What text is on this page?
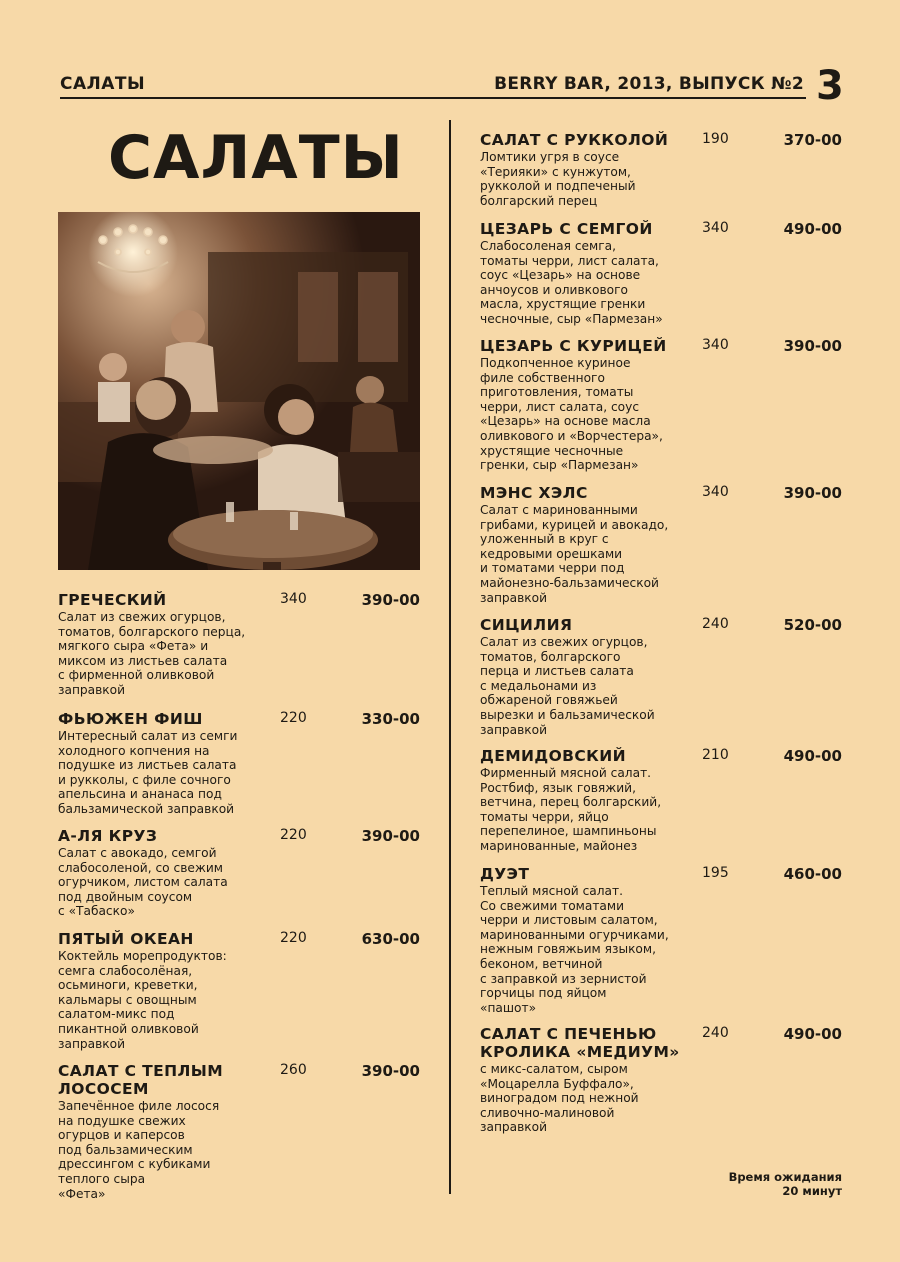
САЛАТЫ	BERRY BAR, 2013, ВЫПУСК №2 3
САЛАТЫ
ГРЕЧЕСКИЙ	340	390-00
Салат из свежих огурцов,
томатов, болгарского перца,
мягкого сыра «Фета» и
миксом из листьев салата
с фирменной оливковой
заправкой
ФЬЮЖЕН ФИШ	220	330-00
Интересный салат из семги
холодного копчения на
подушке из листьев салата
и рукколы, с филе сочного
апельсина и ананаса под
бальзамической заправкой
А-ЛЯ КРУЗ	220	390-00
Салат с авокадо, семгой
слабосоленой, со свежим
огурчиком, листом салата
под двойным соусом
с «Табаско»
ПЯТЫЙ ОКЕАН	220	630-00
Коктейль морепродуктов:
семга слабосолёная,
осьминоги, креветки,
кальмары с овощным
салатом-микс под
пикантной оливковой
заправкой
САЛАТ С ТЕПЛЫМ ЛОСОСЕМ
260	390-00
Запечённое филе лосося
на подушке свежих
огурцов и каперсов
под бальзамическим
дрессингом с кубиками
теплого сыра
«Фета»
САЛАТ С РУККОЛОЙ	190	370-00
Ломтики угря в соусе
«Терияки» с кунжутом,
рукколой и подпеченый
болгарский перец
ЦЕЗАРЬ С СЕМГОЙ	340	490-00
Слабосоленая семга,
томаты черри, лист салата,
соус «Цезарь» на основе
анчоусов и оливкового
масла, хрустящие гренки
чесночные, сыр «Пармезан»
ЦЕЗАРЬ С КУРИЦЕЙ	340	390-00
Подкопченное куриное
филе собственного
приготовления, томаты
черри, лист салата, соус
«Цезарь» на основе масла
оливкового и «Ворчестера»,
хрустящие чесночные
гренки, сыр «Пармезан»
МЭНС ХЭЛС	340	390-00
Салат с маринованными
грибами, курицей и авокадо,
уложенный в круг с
кедровыми орешками
и томатами черри под
майонезно-бальзамической
заправкой
СИЦИЛИЯ	240	520-00
Салат из свежих огурцов,
томатов, болгарского
перца и листьев салата
с медальонами из
обжареной говяжьей
вырезки и бальзамической
заправкой
ДЕМИДОВСКИЙ	210	490-00
Фирменный мясной салат.
Ростбиф, язык говяжий,
ветчина, перец болгарский,
томаты черри, яйцо
перепелиное, шампиньоны
маринованные, майонез
ДУЭТ	195	460-00
Теплый мясной салат.
Со свежими томатами
черри и листовым салатом,
маринованными огурчиками,
нежным говяжьим языком,
беконом, ветчиной
с заправкой из зернистой
горчицы под яйцом
«пашот»
САЛАТ С ПЕЧЕНЬЮ КРОЛИКА «МЕДИУМ»
240	490-00
с микс-салатом, сыром
«Моцарелла Буффало»,
виноградом под нежной
сливочно-малиновой
заправкой
Время ожидания
20 минут
